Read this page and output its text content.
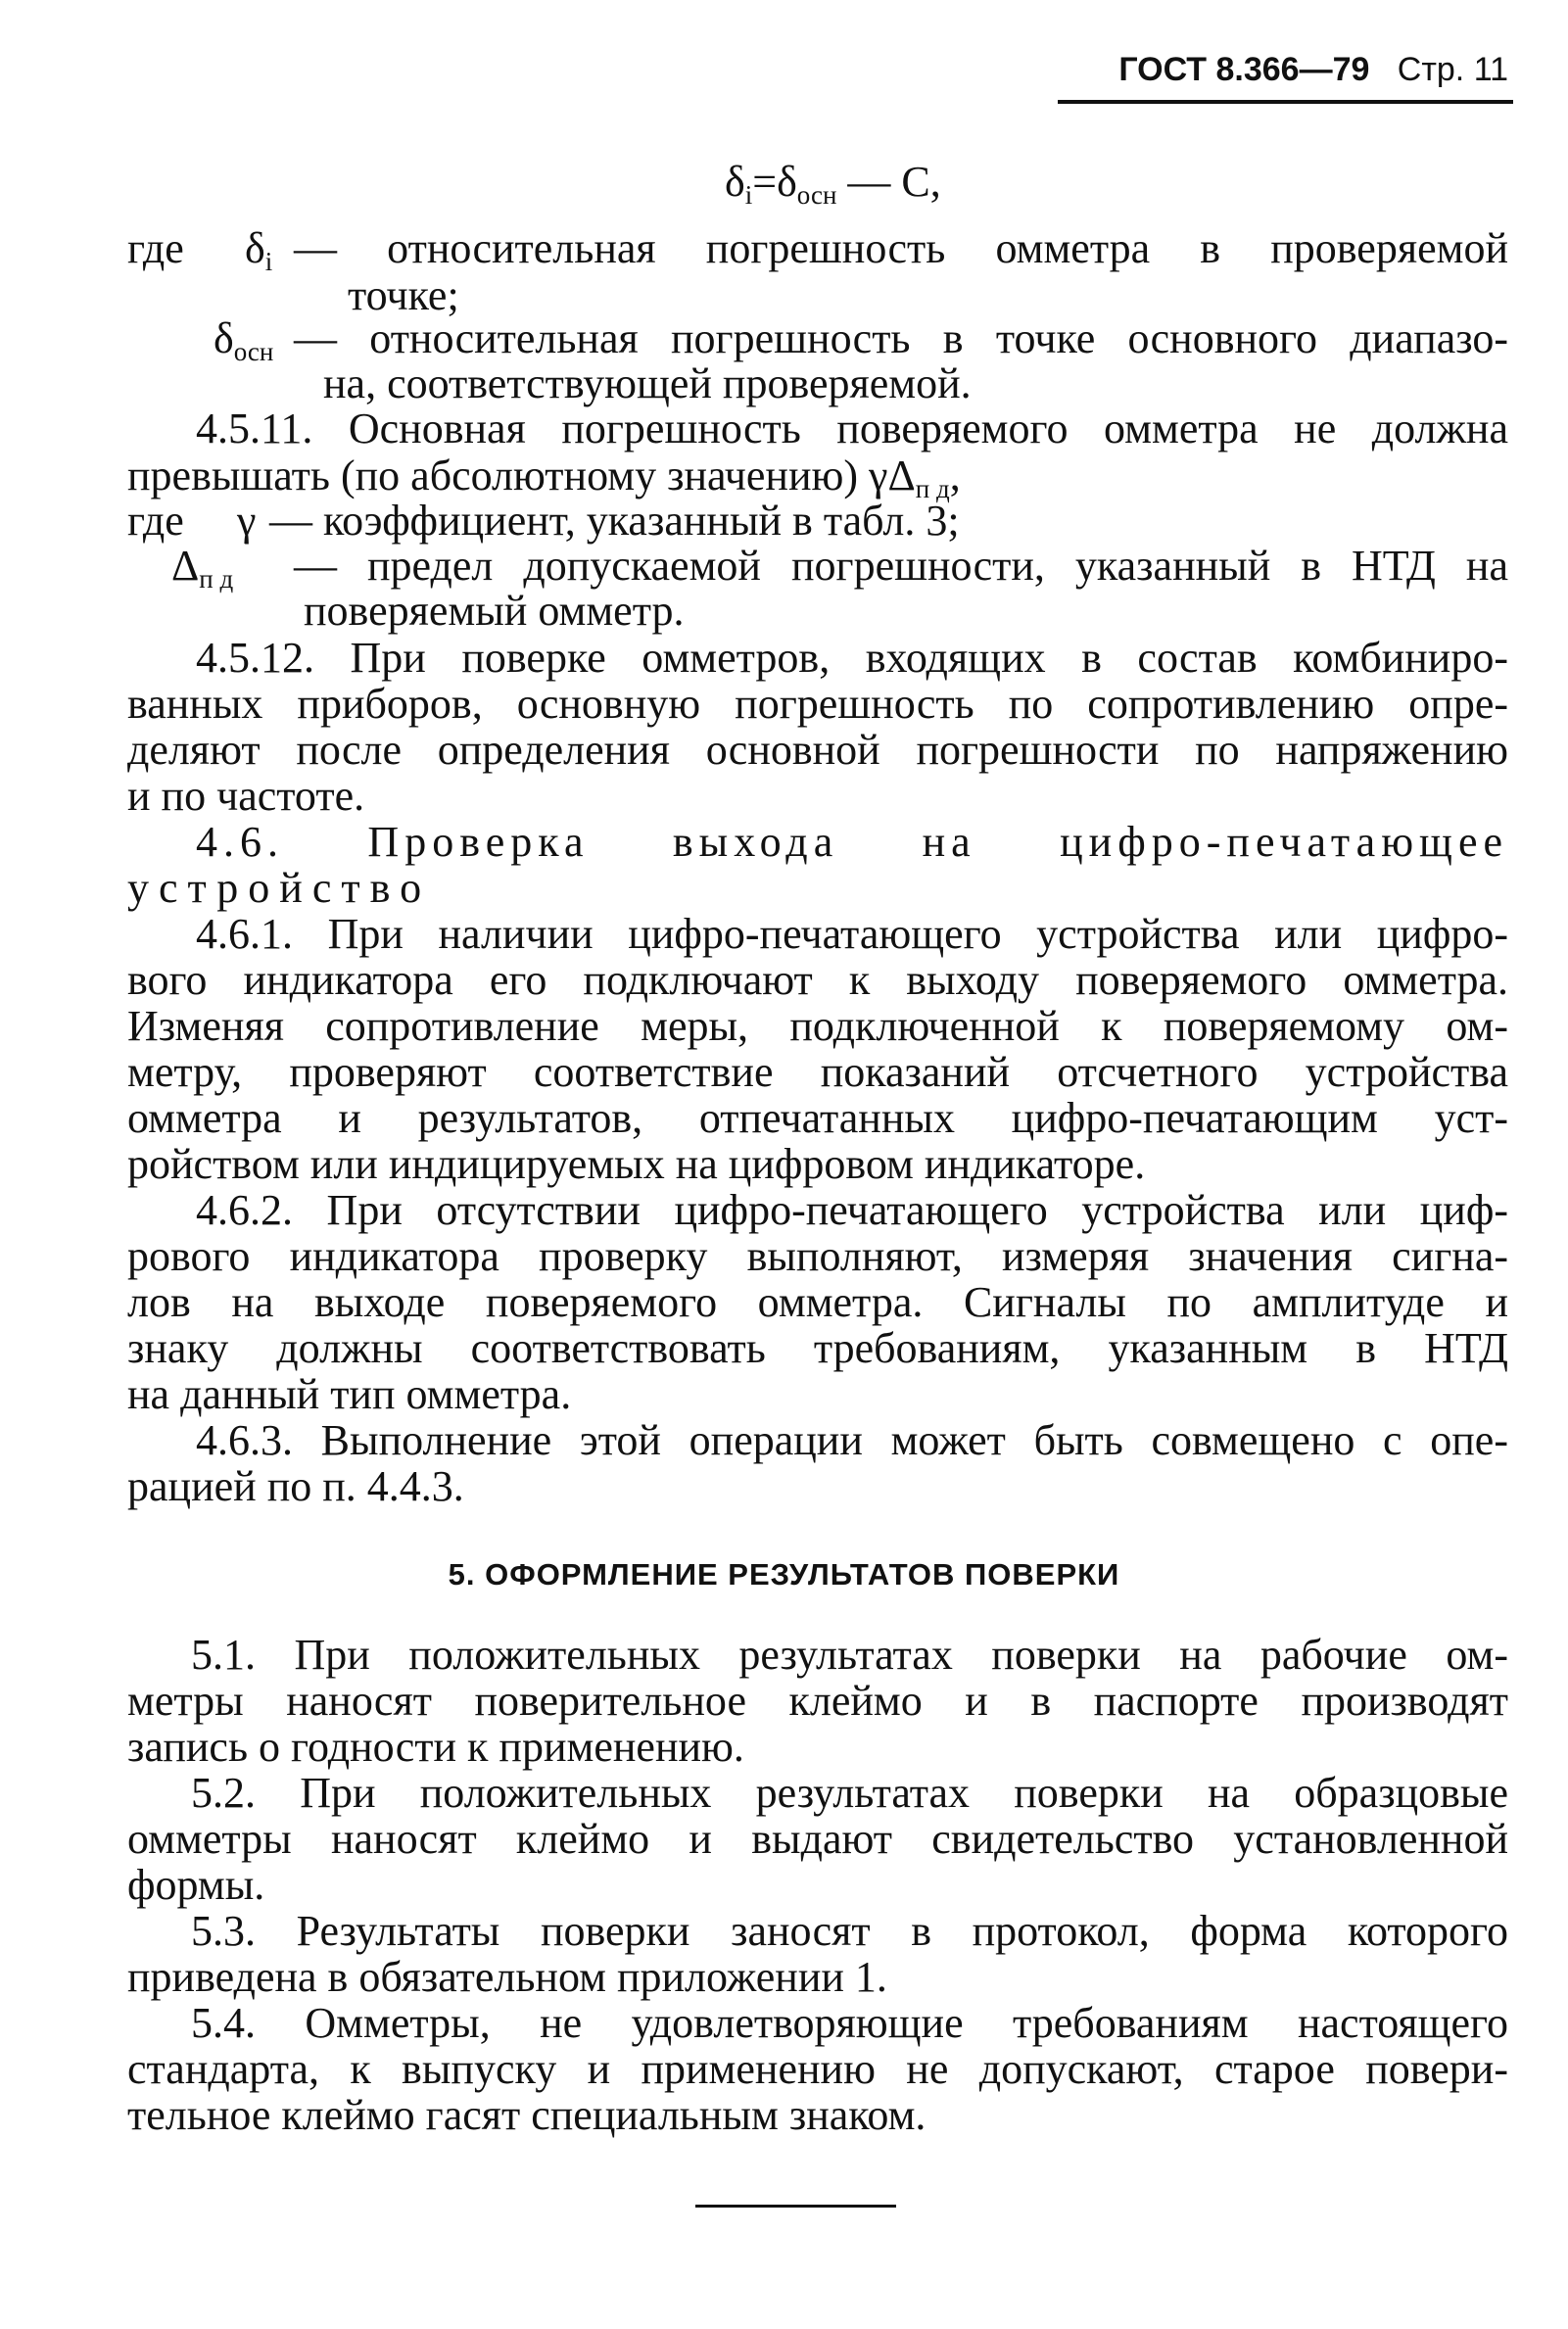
ГОСТ 8.366—79 Стр. 11
$\delta_i=\delta_{осн}$ — C,
где $\delta_i$ — относительная погрешность омметра в проверяемой
точке;
$\delta_{осн}$ — относительная погрешность в точке основного диапазо-
на, соответствующей проверяемой.
4.5.11. Основная погрешность поверяемого омметра не должна
превышать (по абсолютному значению) $\gamma\Delta_{п д}$,
где γ — коэффициент, указанный в табл. 3;
$\Delta_{п д}$ — предел допускаемой погрешности, указанный в НТД на
поверяемый омметр.
4.5.12. При поверке омметров, входящих в состав комбиниро-
ванных приборов, основную погрешность по сопротивлению опре-
деляют после определения основной погрешности по напряжению
и по частоте.
4.6. Проверка выхода на цифро-печатающее
устройство
4.6.1. При наличии цифро-печатающего устройства или цифро-
вого индикатора его подключают к выходу поверяемого омметра.
Изменяя сопротивление меры, подключенной к поверяемому ом-
метру, проверяют соответствие показаний отсчетного устройства
омметра и результатов, отпечатанных цифро-печатающим уст-
ройством или индицируемых на цифровом индикаторе.
4.6.2. При отсутствии цифро-печатающего устройства или циф-
рового индикатора проверку выполняют, измеряя значения сигна-
лов на выходе поверяемого омметра. Сигналы по амплитуде и
знаку должны соответствовать требованиям, указанным в НТД
на данный тип омметра.
4.6.3. Выполнение этой операции может быть совмещено с опе-
рацией по п. 4.4.3.
5. ОФОРМЛЕНИЕ РЕЗУЛЬТАТОВ ПОВЕРКИ
5.1. При положительных результатах поверки на рабочие ом-
метры наносят поверительное клеймо и в паспорте производят
запись о годности к применению.
5.2. При положительных результатах поверки на образцовые
омметры наносят клеймо и выдают свидетельство установленной
формы.
5.3. Результаты поверки заносят в протокол, форма которого
приведена в обязательном приложении 1.
5.4. Омметры, не удовлетворяющие требованиям настоящего
стандарта, к выпуску и применению не допускают, старое повери-
тельное клеймо гасят специальным знаком.
